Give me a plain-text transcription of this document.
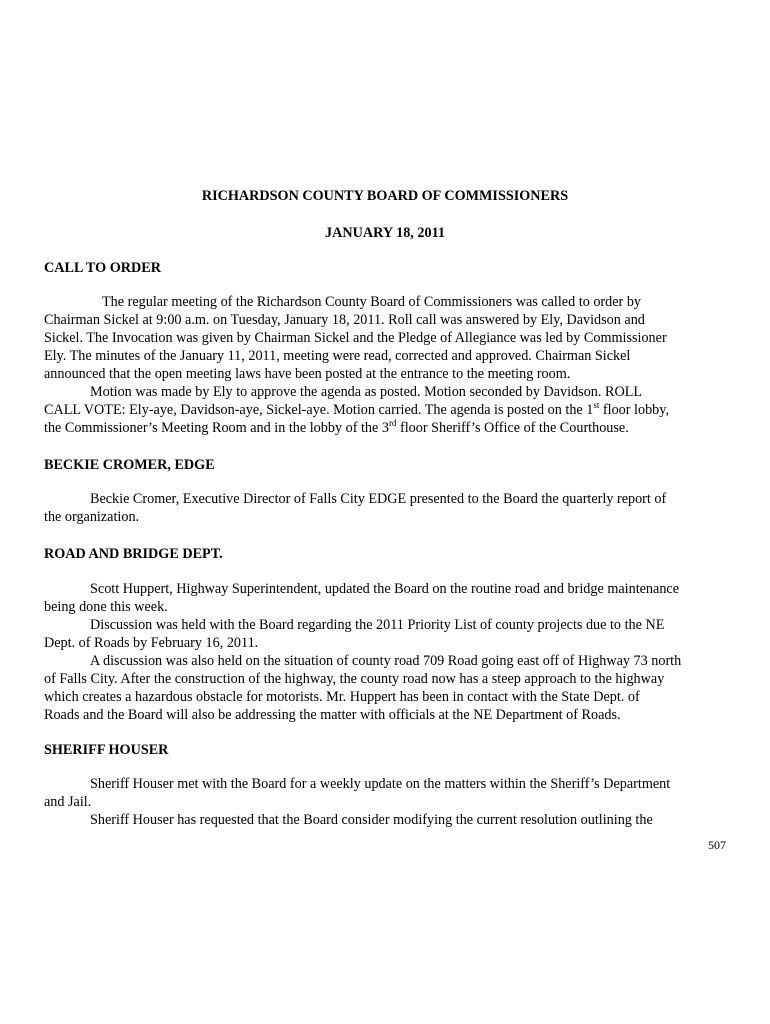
RICHARDSON COUNTY BOARD OF COMMISSIONERS
JANUARY 18, 2011
CALL TO ORDER
The regular meeting of the Richardson County Board of Commissioners was called to order by
Chairman Sickel at 9:00 a.m. on Tuesday, January 18, 2011. Roll call was answered by Ely, Davidson and
Sickel. The Invocation was given by Chairman Sickel and the Pledge of Allegiance was led by Commissioner
Ely. The minutes of the January 11, 2011, meeting were read, corrected and approved. Chairman Sickel
announced that the open meeting laws have been posted at the entrance to the meeting room.
Motion was made by Ely to approve the agenda as posted. Motion seconded by Davidson. ROLL
CALL VOTE: Ely-aye, Davidson-aye, Sickel-aye. Motion carried. The agenda is posted on the 1st floor lobby,
the Commissioner’s Meeting Room and in the lobby of the 3rd floor Sheriff’s Office of the Courthouse.
BECKIE CROMER, EDGE
Beckie Cromer, Executive Director of Falls City EDGE presented to the Board the quarterly report of
the organization.
ROAD AND BRIDGE DEPT.
Scott Huppert, Highway Superintendent, updated the Board on the routine road and bridge maintenance
being done this week.
Discussion was held with the Board regarding the 2011 Priority List of county projects due to the NE
Dept. of Roads by February 16, 2011.
A discussion was also held on the situation of county road 709 Road going east off of Highway 73 north
of Falls City. After the construction of the highway, the county road now has a steep approach to the highway
which creates a hazardous obstacle for motorists. Mr. Huppert has been in contact with the State Dept. of
Roads and the Board will also be addressing the matter with officials at the NE Department of Roads.
SHERIFF HOUSER
Sheriff Houser met with the Board for a weekly update on the matters within the Sheriff’s Department
and Jail.
Sheriff Houser has requested that the Board consider modifying the current resolution outlining the
507
